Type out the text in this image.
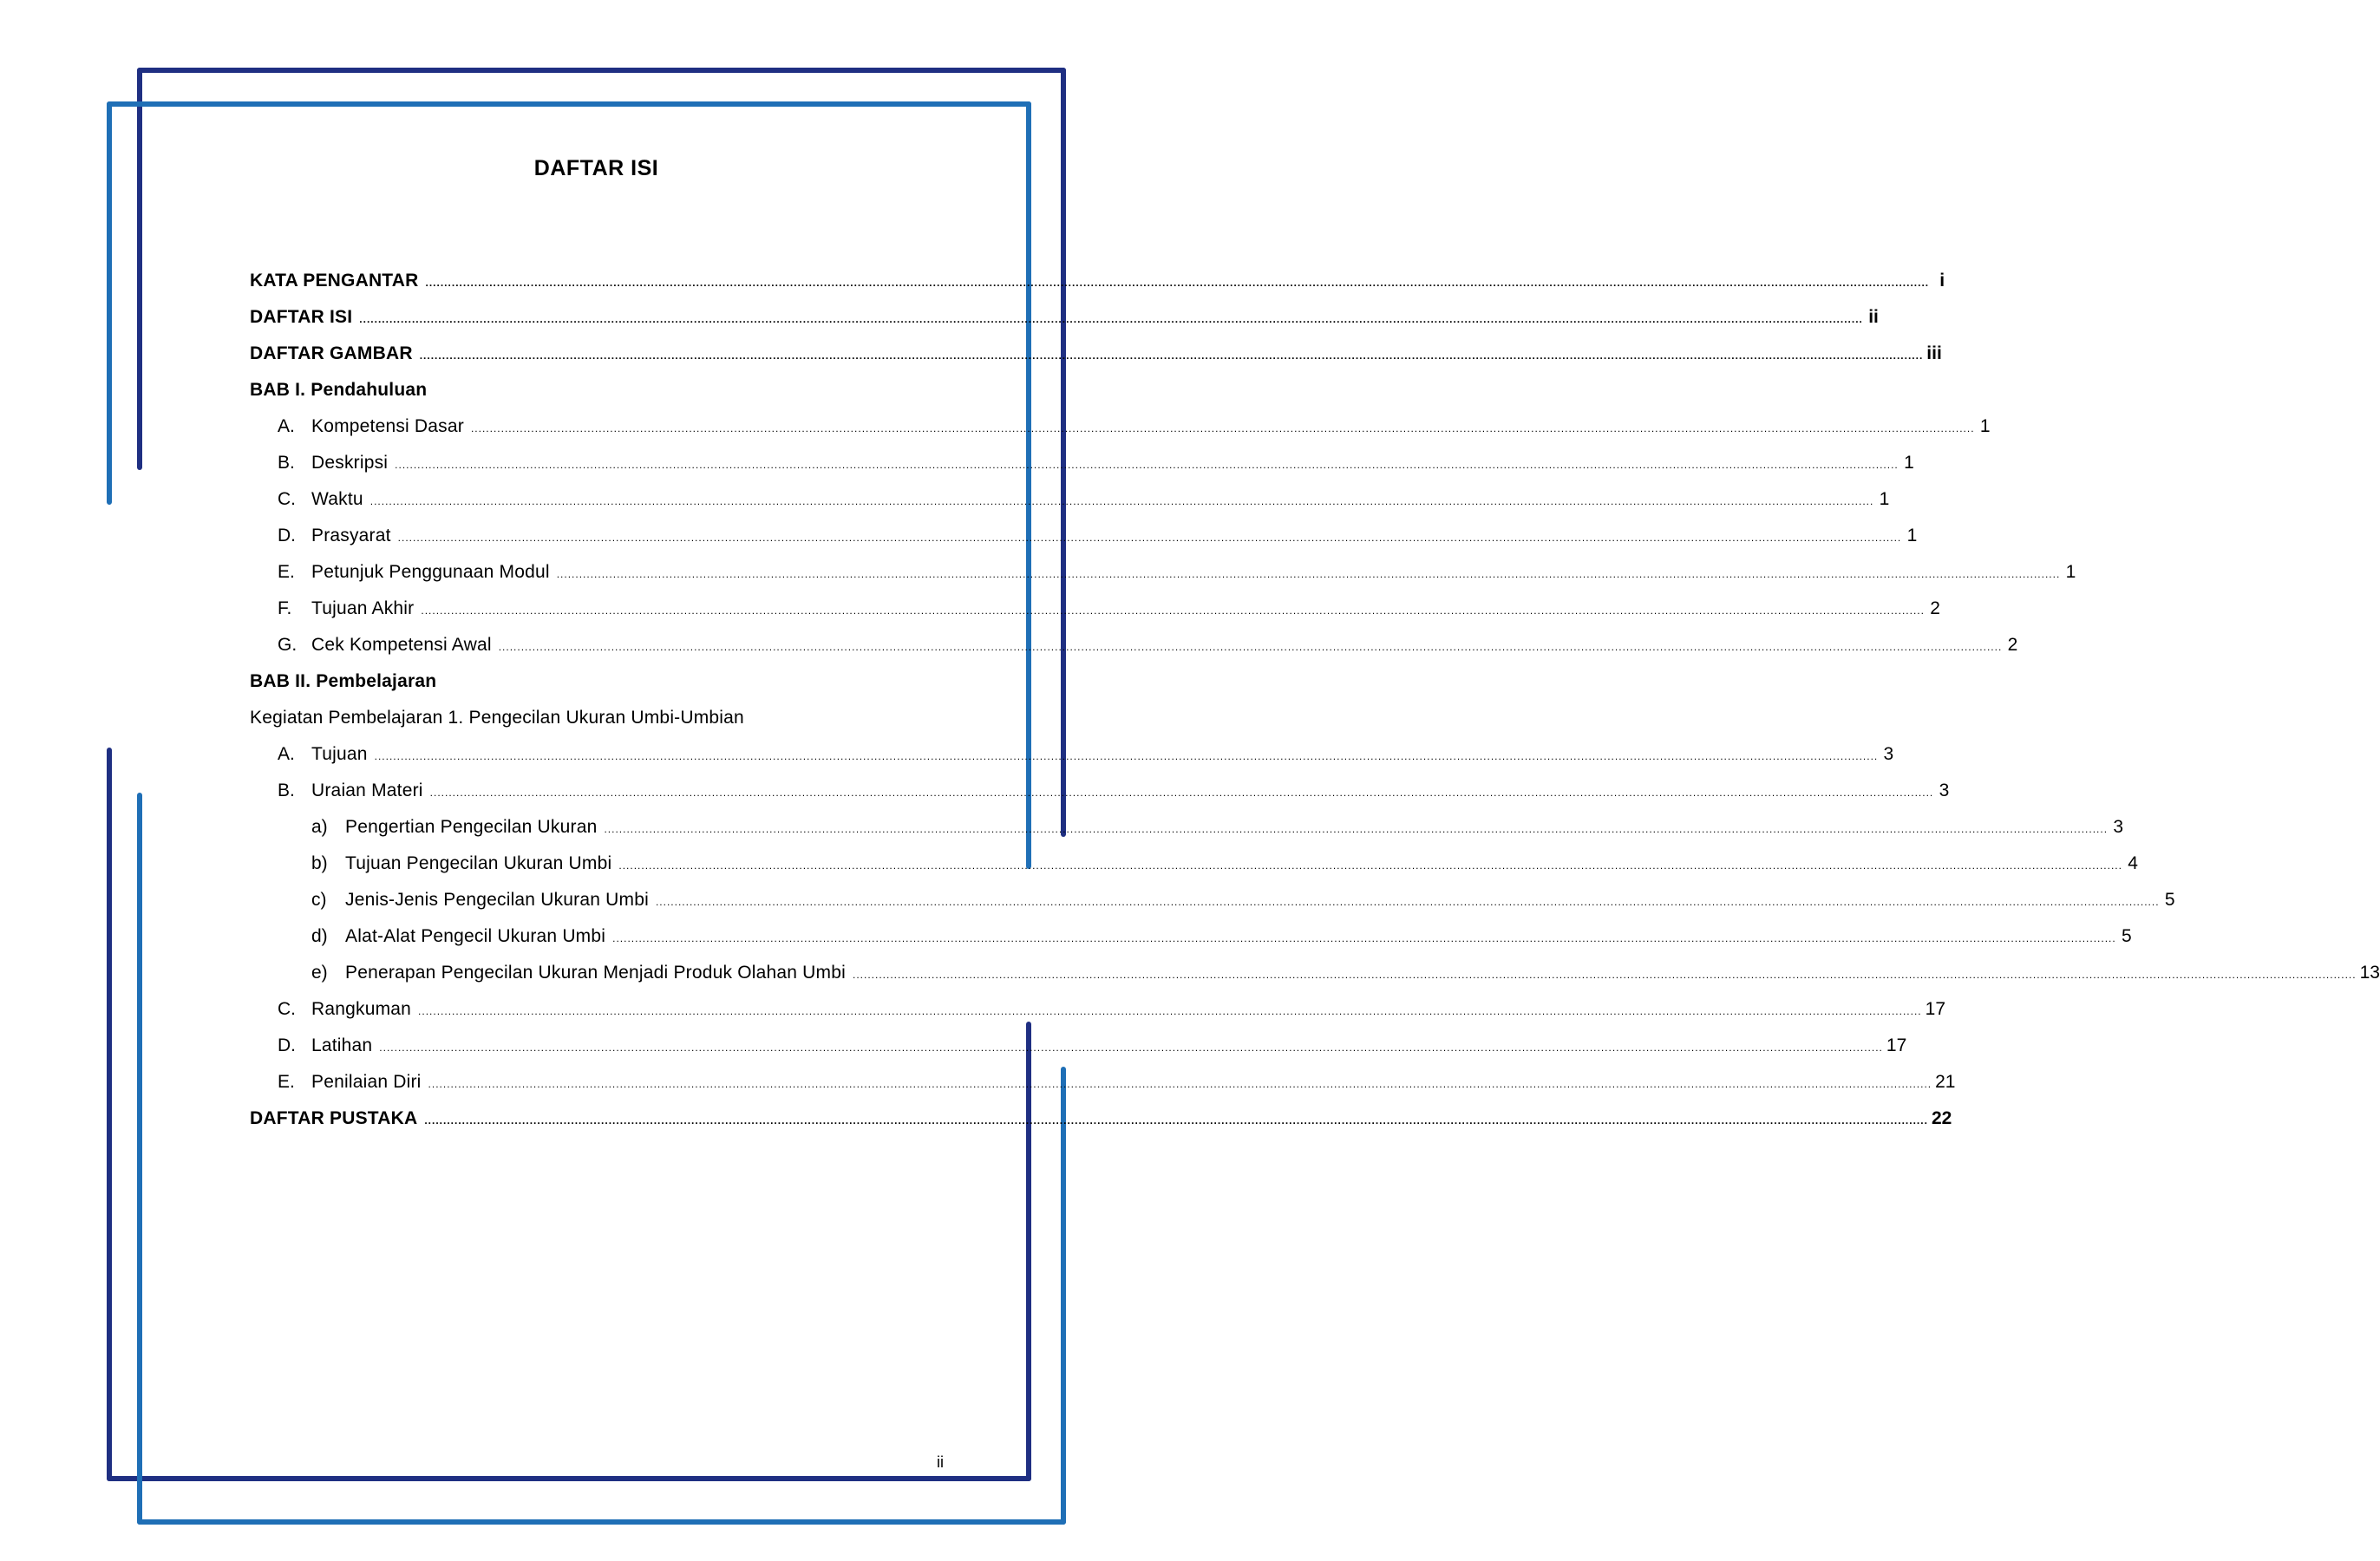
DAFTAR ISI
KATA PENGANTAR ................................................................................................................................................................................................................................................................................................................................................................................................................ i
DAFTAR ISI ................................................................................................................................................................................................................................................................................................................................................................................................................ ii
DAFTAR GAMBAR ................................................................................................................................................................................................................................................................................................................................................................................................................ iii
BAB I. Pendahuluan
A. Kompetensi Dasar ................................................................................................................................................................................................................................................................................................................................................................................................................ 1
B. Deskripsi ................................................................................................................................................................................................................................................................................................................................................................................................................ 1
C. Waktu ................................................................................................................................................................................................................................................................................................................................................................................................................ 1
D. Prasyarat ................................................................................................................................................................................................................................................................................................................................................................................................................ 1
E. Petunjuk Penggunaan Modul ................................................................................................................................................................................................................................................................................................................................................................................................................ 1
F.	Tujuan Akhir ................................................................................................................................................................................................................................................................................................................................................................................................................ 2
G. Cek Kompetensi Awal ................................................................................................................................................................................................................................................................................................................................................................................................................ 2
BAB II. Pembelajaran
Kegiatan Pembelajaran 1. Pengecilan Ukuran Umbi-Umbian
A. Tujuan ................................................................................................................................................................................................................................................................................................................................................................................................................ 3
B. Uraian Materi ................................................................................................................................................................................................................................................................................................................................................................................................................ 3
a) Pengertian Pengecilan Ukuran ................................................................................................................................................................................................................................................................................................................................................................................................................ 3
b) Tujuan Pengecilan Ukuran Umbi ................................................................................................................................................................................................................................................................................................................................................................................................................ 4
c)	Jenis-Jenis Pengecilan Ukuran Umbi ................................................................................................................................................................................................................................................................................................................................................................................................................ 5
d) Alat-Alat Pengecil Ukuran Umbi ................................................................................................................................................................................................................................................................................................................................................................................................................ 5
e) Penerapan Pengecilan Ukuran Menjadi Produk Olahan Umbi ................................................................................................................................................................................................................................................................................................................................................................................................................ 13
C. Rangkuman ................................................................................................................................................................................................................................................................................................................................................................................................................ 17
D. Latihan ................................................................................................................................................................................................................................................................................................................................................................................................................ 17
E. Penilaian Diri ................................................................................................................................................................................................................................................................................................................................................................................................................ 21
DAFTAR PUSTAKA ................................................................................................................................................................................................................................................................................................................................................................................................................ 22
ii
